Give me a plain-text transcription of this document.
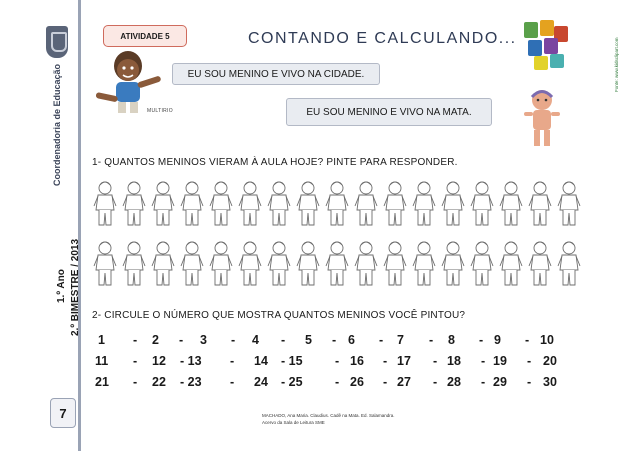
Coordenadoria de Educação
1.º Ano 2.º BIMESTRE / 2013
7
ATIVIDADE 5	CONTANDO E CALCULANDO...	Fonte: www.kidsclipart.com
MULTIRIO
EU SOU MENINO E VIVO NA CIDADE.
EU SOU MENINO E VIVO NA MATA.
1- QUANTOS MENINOS VIERAM À AULA HOJE? PINTE PARA RESPONDER.
2- CIRCULE O NÚMERO QUE MOSTRA QUANTOS MENINOS VOCÊ PINTOU?
1 - 2 - 3 - 4 - 5 - 6 - 7 - 8 - 9 - 10
11 - 12 - 13 - 14 - 15	- 16 - 17 - 18 - 19 - 20
21 - 22 - 23 - 24 - 25	- 26 - 27 - 28 - 29 - 30
MACHADO, Ana Maria. Claudius. Cadê na Mata. Ed. Salamandra.
Acervo da Sala de Leitura SME
